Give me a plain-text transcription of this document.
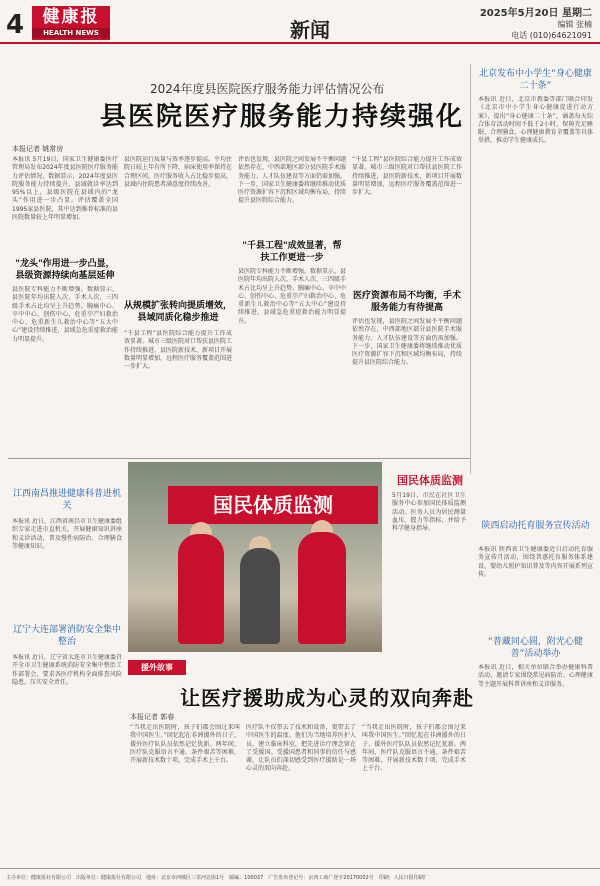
4	健康报
HEALTH NEWS	新闻
2025年5月20日 星期二
编辑 张楠
电话 (010)64621091
2024年度县医院医疗服务能力评估情况公布
县医院医疗服务能力持续强化
本报记者 姚常房
本报讯 5月19日，国家卫生健康委医疗管理局发布2024年度县医院医疗服务能力评估情况。数据显示，2024年度县医院服务能力持续提升，县域就诊率达到95%以上，县级医院在县域内的“龙头”作用进一步凸显。评估覆盖全国1995家县医院，其中达到推荐标准的县医院数量较上年明显增加。
"龙头"作用进一步凸显，县级资源持续向基层延伸
县医院专科能力不断增强。数据显示，县医院年均出院人次、手术人次、三四级手术占比均呈上升趋势。胸痛中心、卒中中心、创伤中心、危重孕产妇救治中心、危重新生儿救治中心等“五大中心”建设持续推进，县域急危重症救治能力明显提升。
县医院运行质量与效率逐步提高。平均住院日较上年有所下降，病床使用率保持在合理区间，医疗服务收入占比稳步提高，县域内住院患者满意度持续改善。
从规模扩张转向提质增效，县域同质化稳步推进
“千县工程”县医院综合能力提升工作成效显著。城市三级医院对口帮扶县医院工作持续推进，县医院新技术、新项目开展数量明显增加，远程医疗服务覆盖范围进一步扩大。
评估也发现，县医院之间发展不平衡问题依然存在，中西部地区部分县医院手术服务能力、人才队伍建设等方面仍需加强。下一步，国家卫生健康委将继续推动优质医疗资源扩容下沉和区域均衡布局，持续提升县医院综合能力。
"千县工程"成效显著，帮扶工作更进一步
县医院专科能力不断增强。数据显示，县医院年均出院人次、手术人次、三四级手术占比均呈上升趋势。胸痛中心、卒中中心、创伤中心、危重孕产妇救治中心、危重新生儿救治中心等“五大中心”建设持续推进，县域急危重症救治能力明显提升。
“千县工程”县医院综合能力提升工作成效显著。城市三级医院对口帮扶县医院工作持续推进，县医院新技术、新项目开展数量明显增加，远程医疗服务覆盖范围进一步扩大。
医疗资源布局不均衡，手术服务能力有待提高
评估也发现，县医院之间发展不平衡问题依然存在，中西部地区部分县医院手术服务能力、人才队伍建设等方面仍需加强。下一步，国家卫生健康委将继续推动优质医疗资源扩容下沉和区域均衡布局，持续提升县医院综合能力。
北京发布中小学生“身心健康二十条”
本报讯 近日，北京市教委等部门联合印发《北京市中小学生身心健康促进行动方案》，提出“身心健康二十条”，涵盖每天综合体育活动时间不低于2小时、保障充足睡眠、合理膳食、心理健康教育全覆盖等具体举措，推动学生健康成长。
陕西启动托育服务宣传活动
本报讯 陕西省卫生健康委近日启动托育服务宣传月活动，围绕普惠托育服务体系建设、婴幼儿照护知识普及等内容开展系列宣传。
“普藏同心圆，附光心健普”活动举办
本报讯 近日，相关单位联合举办健康科普活动，邀请专家围绕常见病防治、心理健康等主题开展科普讲座和义诊服务。
江西南昌推进健康科普进机关
本报讯 近日，江西省南昌市卫生健康委组织专家走进市直机关，开展健康知识讲座和义诊活动，普及慢性病防治、合理膳食等健康知识。
辽宁大连部署消防安全集中整治
本报讯 近日，辽宁省大连市卫生健康委召开全市卫生健康系统消防安全集中整治工作部署会，要求各医疗机构全面排查风险隐患，压实安全责任。
国民体质监测
国民体质监测
5月19日，市民在社区卫生服务中心参加国民体质监测活动。医务人员为居民测量血压、握力等指标，并给予科学健身指导。
援外故事
让医疗援助成为心灵的双向奔赴
本报记者 郭春
“当我走出医院时，孩子们都会围过来叫我中国医生。”回忆起在非洲援外的日子，援外医疗队队员依然记忆犹新。两年间，医疗队克服语言不通、条件艰苦等困难，开展新技术数十项，完成手术上千台。
医疗队不仅带去了技术和设备，更带去了中国医生的温度。他们为当地培养医护人员，建立临床科室，把先进诊疗理念留在了受援国。受援国患者和同事的信任与感谢，让队员们深切感受到医疗援助是一场心灵的双向奔赴。
“当我走出医院时，孩子们都会围过来叫我中国医生。”回忆起在非洲援外的日子，援外医疗队队员依然记忆犹新。两年间，医疗队克服语言不通、条件艰苦等困难，开展新技术数十项，完成手术上千台。
主办单位：健康报社有限公司　出版单位：健康报社有限公司　地址：北京市西城区三里河北街1号　邮编：100037　广告发布登记号：京西工商广登字20170002号　印刷：人民日报印刷厂
